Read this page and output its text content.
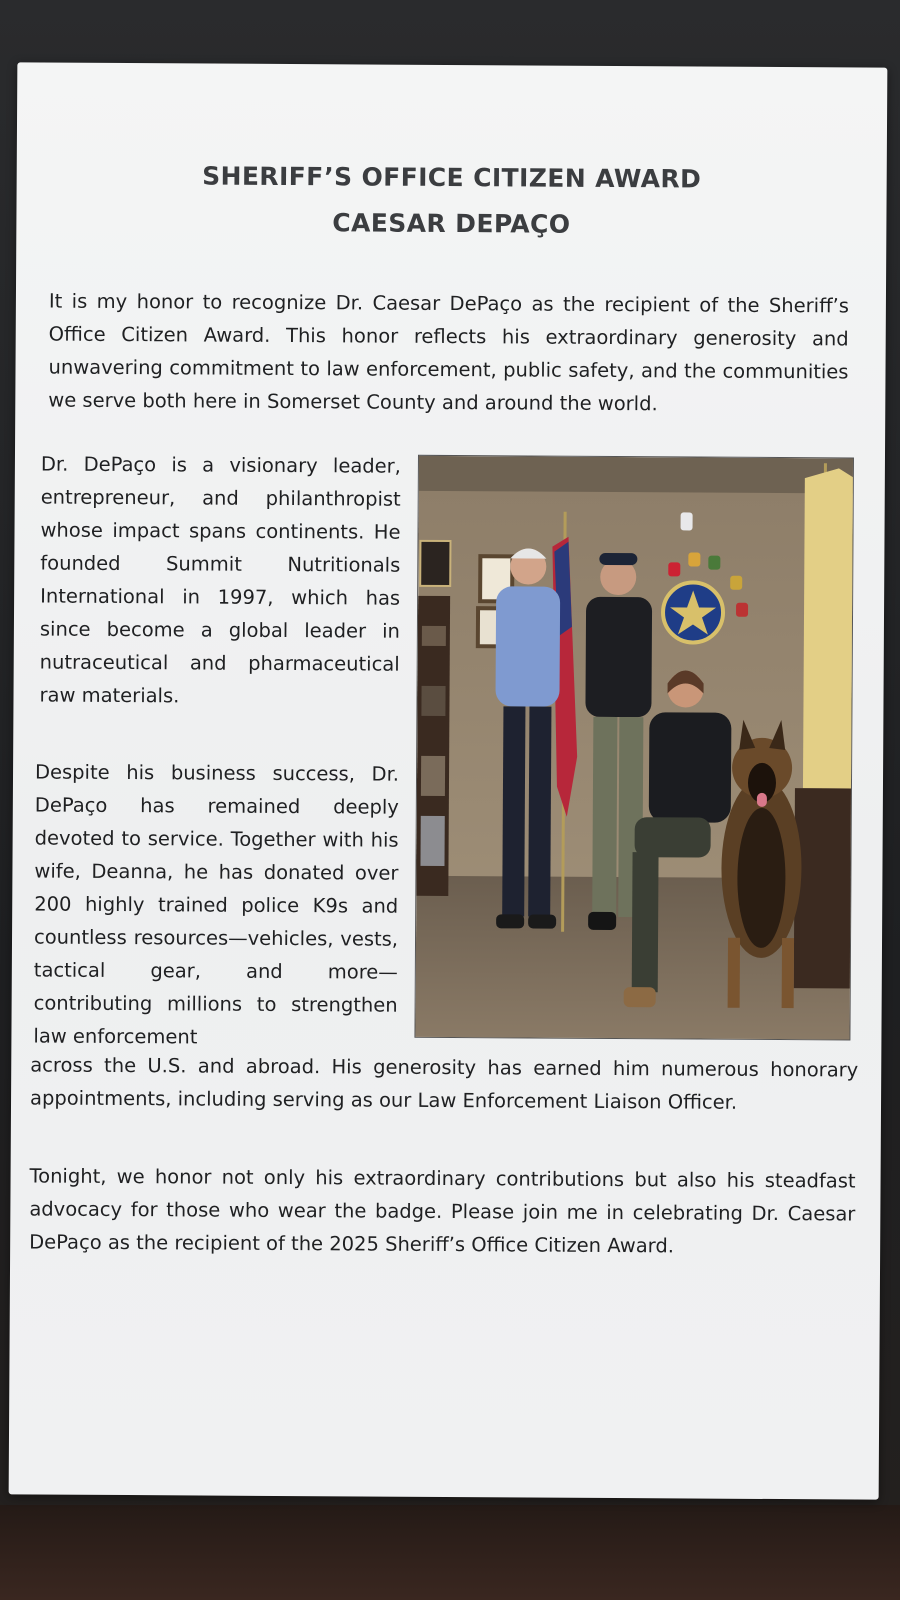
SHERIFF’S OFFICE CITIZEN AWARD
CAESAR DEPAÇO

It is my honor to recognize Dr. Caesar DePaço as the recipient of the Sheriff’s Office Citizen Award. This honor reflects his extraordinary generosity and unwavering commitment to law enforcement, public safety, and the communities we serve both here in Somerset County and around the world.

Dr. DePaço is a visionary leader, entrepreneur, and philanthropist whose impact spans continents. He founded Summit Nutritionals International in 1997, which has since become a global leader in nutraceutical and pharmaceutical raw materials.

Despite his business success, Dr. DePaço has remained deeply devoted to service. Together with his wife, Deanna, he has donated over 200 highly trained police K9s and countless resources—vehicles, vests, tactical gear, and more—contributing millions to strengthen law enforcement

across the U.S. and abroad. His generosity has earned him numerous honorary appointments, including serving as our Law Enforcement Liaison Officer.

Tonight, we honor not only his extraordinary contributions but also his steadfast advocacy for those who wear the badge. Please join me in celebrating Dr. Caesar DePaço as the recipient of the 2025 Sheriff’s Office Citizen Award.
